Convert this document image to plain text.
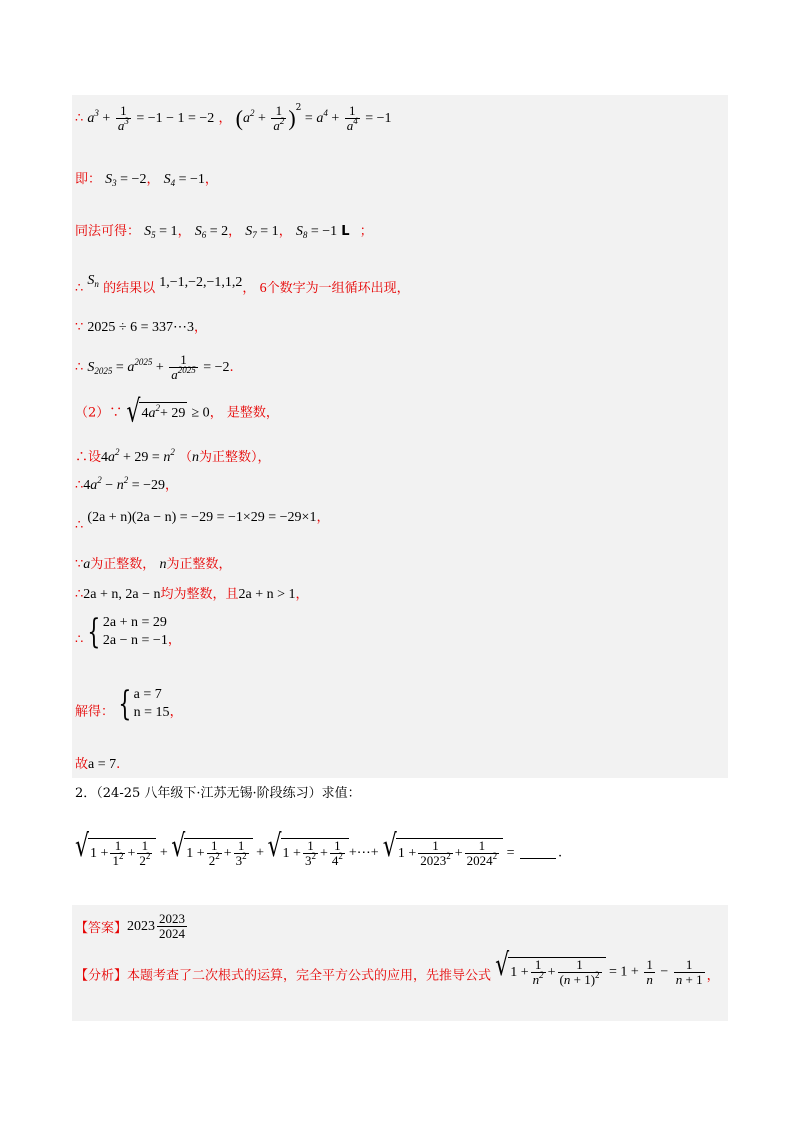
∴ $a^3 + \frac{1}{a^3} = -1 - 1 = -2$ ， $(a^2 + \frac{1}{a^2} )^2 = a^4 + \frac{1}{a^4} = -1$
即： $S_3 = -2$， $S_4 = -1$，
同法可得： $S_5 = 1$， $S_6 = 2$， $S_7 = 1$， $S_8 = -1$ L ；
∴ $S_n$ 的结果以 1,−1,−2,−1,1,2， 6个数字为一组循环出现，
∵ 2025 ÷ 6 = 337⋯3，
∴ $S_{2025} = a^{2025} + \frac{1}{a^{2025}} = -2$.
（2）∵ √ 4 $a^2 + 29 \ge 0$， 是整数，
∴设$4a^2 + 29 = n^2$ （n为正整数），
$\therefore 4a^2 - n^2 = -29$，
∴ (2a + n)(2a − n) = −29 = −1×29 = −29×1，
∵a为正整数， n为正整数，
∴2a + n, 2a − n均为整数，且2a + n > 1，
∴ { 2a + n = 29
2a − n = −1 ，
解得： { a = 7
n = 15 ，
故a = 7.
2．（24-25 八年级下·江苏无锡·阶段练习）求值：
√ $1 + \frac{1}{1^2} + \frac{1}{2^2}$ + √ $1 + \frac{1}{2^2} + \frac{1}{3^2}$ + √ $1 + \frac{1}{3^2} + \frac{1}{4^2}$ +⋯+ √ $1 + \frac{1}{2023^2} + \frac{1}{2024^2}$ =	.
【答案】$2023 \frac{2023}{2024}$
【分析】本题考查了二次根式的运算，完全平方公式的应用，先推导公式 √ $1 + \frac{1}{n^2} + \frac{1}{(n + 1)^2} = 1 + \frac{1}{n} - \frac{1}{n + 1}$ ，
